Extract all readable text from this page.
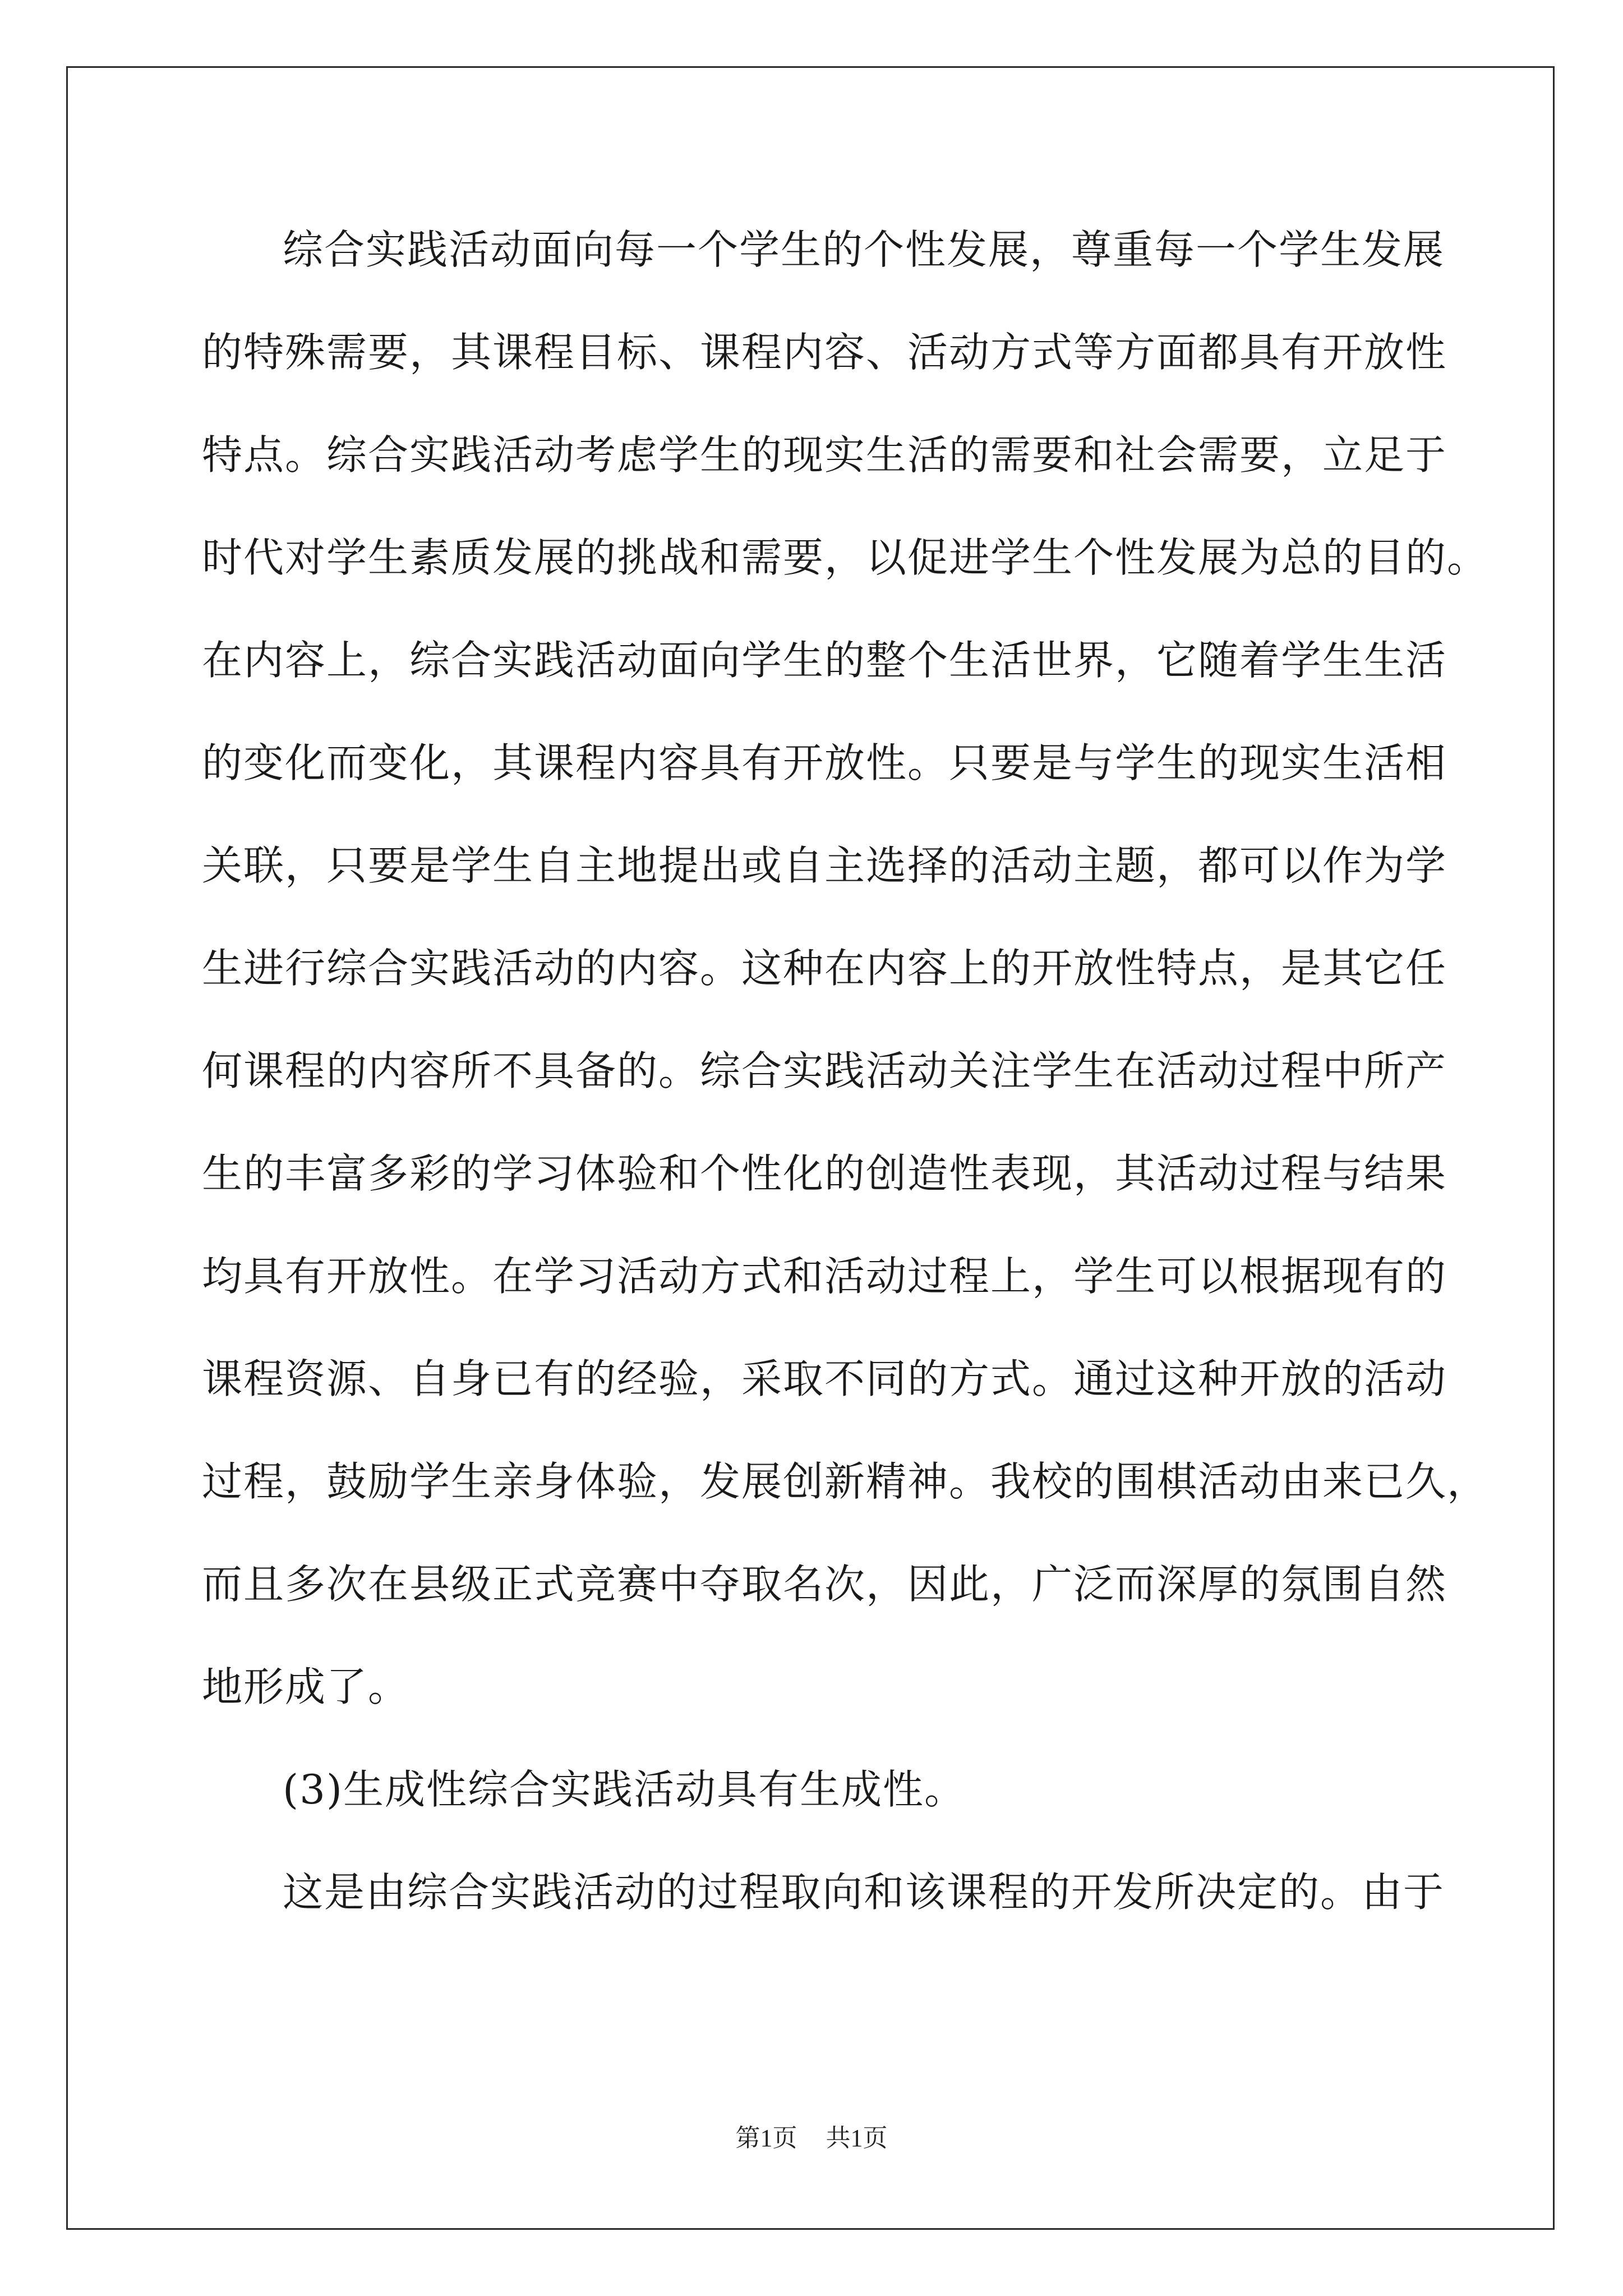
综合实践活动面向每一个学生的个性发展，尊重每一个学生发展
的特殊需要，其课程目标、课程内容、活动方式等方面都具有开放性
特点。综合实践活动考虑学生的现实生活的需要和社会需要，立足于
时代对学生素质发展的挑战和需要，以促进学生个性发展为总的目的。
在内容上，综合实践活动面向学生的整个生活世界，它随着学生生活
的变化而变化，其课程内容具有开放性。只要是与学生的现实生活相
关联，只要是学生自主地提出或自主选择的活动主题，都可以作为学
生进行综合实践活动的内容。这种在内容上的开放性特点，是其它任
何课程的内容所不具备的。综合实践活动关注学生在活动过程中所产
生的丰富多彩的学习体验和个性化的创造性表现，其活动过程与结果
均具有开放性。在学习活动方式和活动过程上，学生可以根据现有的
课程资源、自身已有的经验，采取不同的方式。通过这种开放的活动
过程，鼓励学生亲身体验，发展创新精神。我校的围棋活动由来已久，
而且多次在县级正式竞赛中夺取名次，因此，广泛而深厚的氛围自然
地形成了。
(3)生成性综合实践活动具有生成性。
这是由综合实践活动的过程取向和该课程的开发所决定的。由于
第1页 共1页
